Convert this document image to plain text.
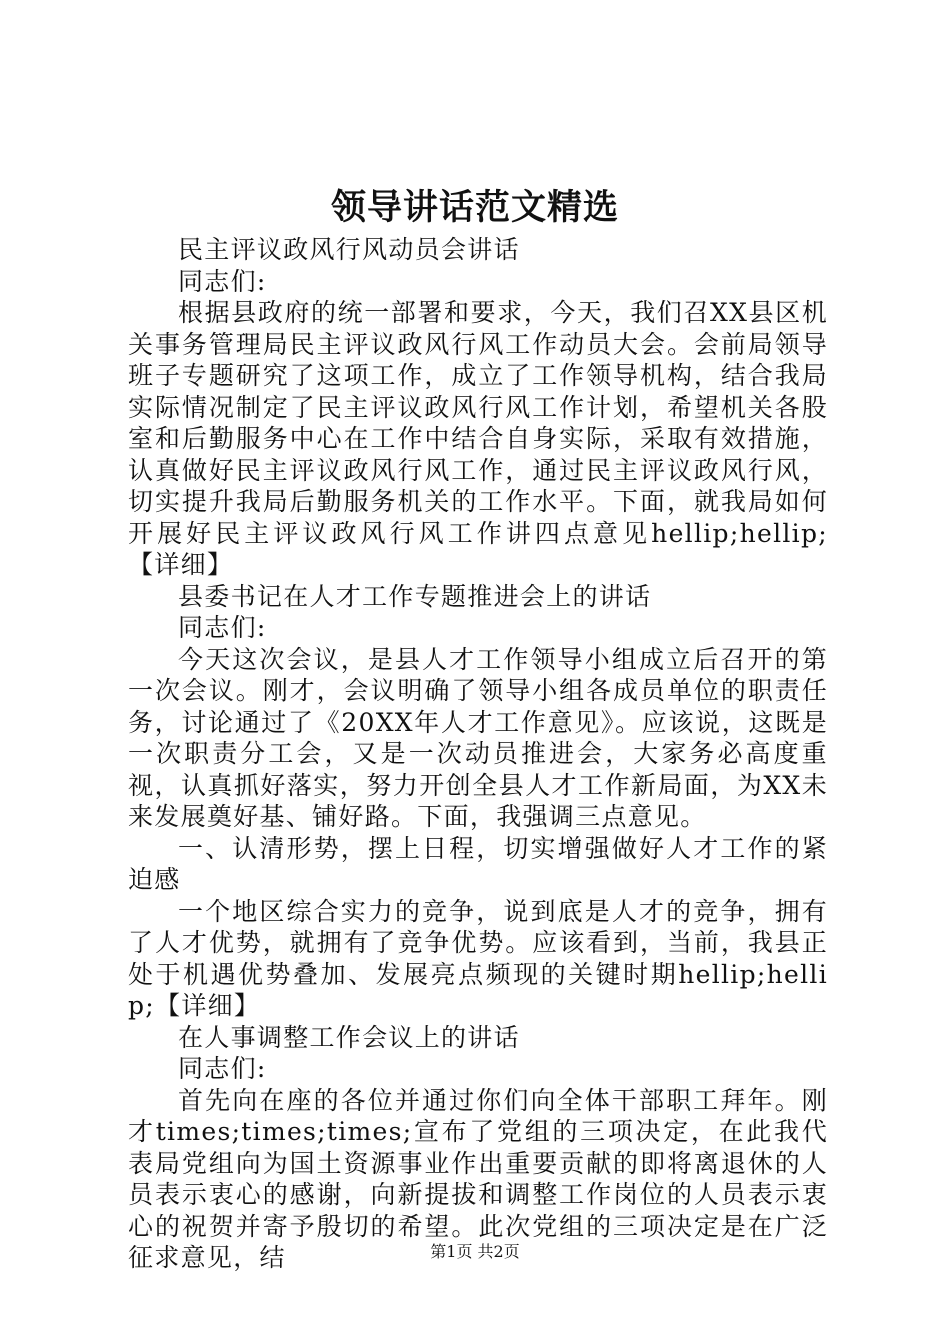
领导讲话范文精选

民主评议政风行风动员会讲话

同志们:

根据县政府的统一部署和要求，今天，我们召XX县区机关事务管理局民主评议政风行风工作动员大会。会前局领导班子专题研究了这项工作，成立了工作领导机构，结合我局实际情况制定了民主评议政风行风工作计划，希望机关各股室和后勤服务中心在工作中结合自身实际，采取有效措施，认真做好民主评议政风行风工作，通过民主评议政风行风，切实提升我局后勤服务机关的工作水平。下面，就我局如何开展好民主评议政风行风工作讲四点意见hellip;hellip;【详细】

县委书记在人才工作专题推进会上的讲话

同志们:

今天这次会议，是县人才工作领导小组成立后召开的第一次会议。刚才，会议明确了领导小组各成员单位的职责任务，讨论通过了《20XX年人才工作意见》。应该说，这既是一次职责分工会，又是一次动员推进会，大家务必高度重视，认真抓好落实，努力开创全县人才工作新局面，为XX未来发展奠好基、铺好路。下面，我强调三点意见。

一、认清形势，摆上日程，切实增强做好人才工作的紧迫感

一个地区综合实力的竞争，说到底是人才的竞争，拥有了人才优势，就拥有了竞争优势。应该看到，当前，我县正处于机遇优势叠加、发展亮点频现的关键时期hellip;hellip;【详细】

在人事调整工作会议上的讲话

同志们:

首先向在座的各位并通过你们向全体干部职工拜年。刚才times;times;times;宣布了党组的三项决定，在此我代表局党组向为国土资源事业作出重要贡献的即将离退休的人员表示衷心的感谢，向新提拔和调整工作岗位的人员表示衷心的祝贺并寄予殷切的希望。此次党组的三项决定是在广泛征求意见，结	第1页 共2页
